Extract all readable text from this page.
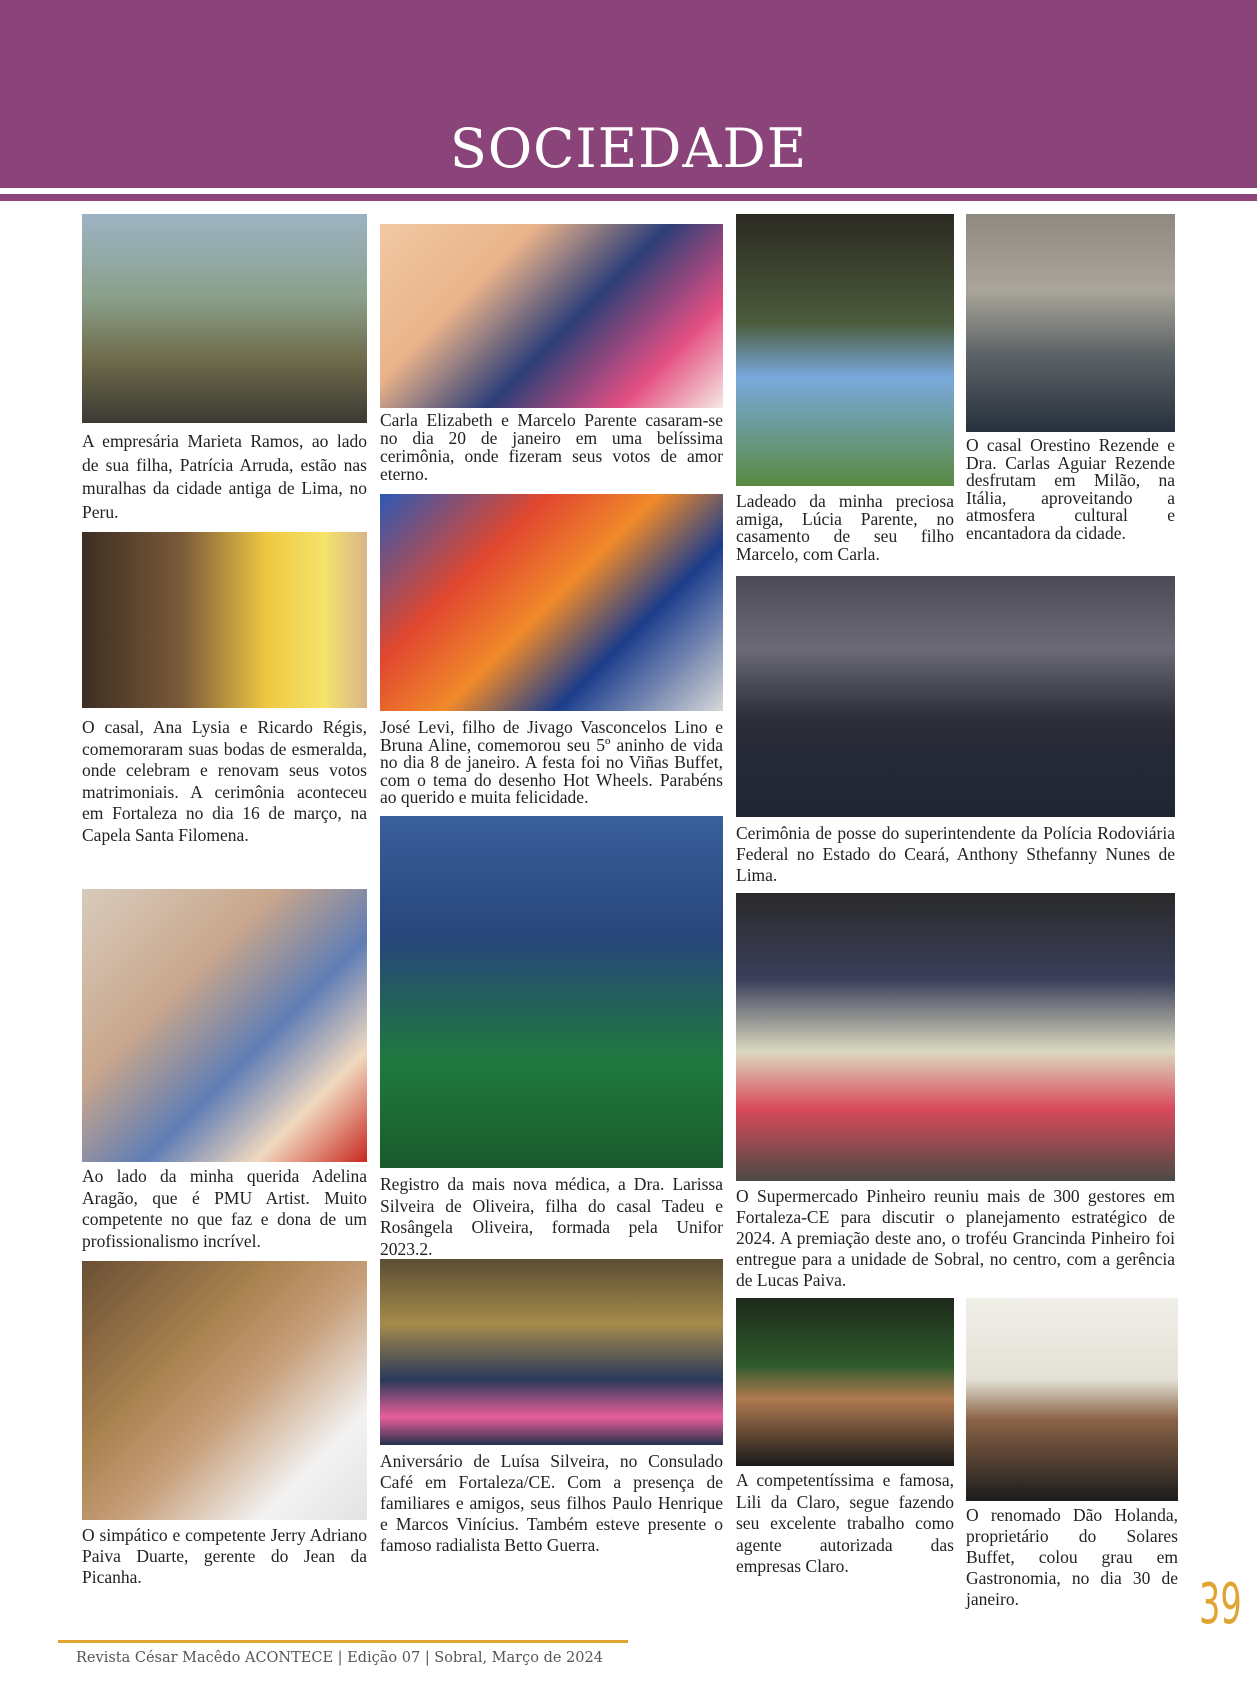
SOCIEDADE

A empresária Marieta Ramos, ao lado de sua filha, Patrícia Arruda, estão nas muralhas da cidade antiga de Lima, no Peru.

O casal, Ana Lysia e Ricardo Régis, comemoraram suas bodas de esmeralda, onde celebram e renovam seus votos matrimoniais. A cerimônia aconteceu em Fortaleza no dia 16 de março, na Capela Santa Filomena.

Ao lado da minha querida Adelina Aragão, que é PMU Artist. Muito competente no que faz e dona de um profissionalismo incrível.

O simpático e competente Jerry Adriano Paiva Duarte, gerente do Jean da Picanha.

Carla Elizabeth e Marcelo Parente casaram-se no dia 20 de janeiro em uma belíssima cerimônia, onde fizeram seus votos de amor eterno.

José Levi, filho de Jivago Vasconcelos Lino e Bruna Aline, comemorou seu 5º aninho de vida no dia 8 de janeiro. A festa foi no Viñas Buffet, com o tema do desenho Hot Wheels. Parabéns ao querido e muita felicidade.

Registro da mais nova médica, a Dra. Larissa Silveira de Oliveira, filha do casal Tadeu e Rosângela Oliveira, formada pela Unifor 2023.2.

Aniversário de Luísa Silveira, no Consulado Café em Fortaleza/CE. Com a presença de familiares e amigos, seus filhos Paulo Henrique e Marcos Vinícius. Também esteve presente o famoso radialista Betto Guerra.

Ladeado da minha preciosa amiga, Lúcia Parente, no casamento de seu filho Marcelo, com Carla.

O casal Orestino Rezende e Dra. Carlas Aguiar Rezende desfrutam em Milão, na Itália, aproveitando a atmosfera cultural e encantadora da cidade.

Cerimônia de posse do superintendente da Polícia Rodoviária Federal no Estado do Ceará, Anthony Sthefanny Nunes de Lima.

O Supermercado Pinheiro reuniu mais de 300 gestores em Fortaleza-CE para discutir o planejamento estratégico de 2024. A premiação deste ano, o troféu Grancinda Pinheiro foi entregue para a unidade de Sobral, no centro, com a gerência de Lucas Paiva.

A competentíssima e famosa, Lili da Claro, segue fazendo seu excelente trabalho como agente autorizada das empresas Claro.

O renomado Dão Holanda, proprietário do Solares Buffet, colou grau em Gastronomia, no dia 30 de janeiro.	39
Revista César Macêdo ACONTECE | Edição 07 | Sobral, Março de 2024
